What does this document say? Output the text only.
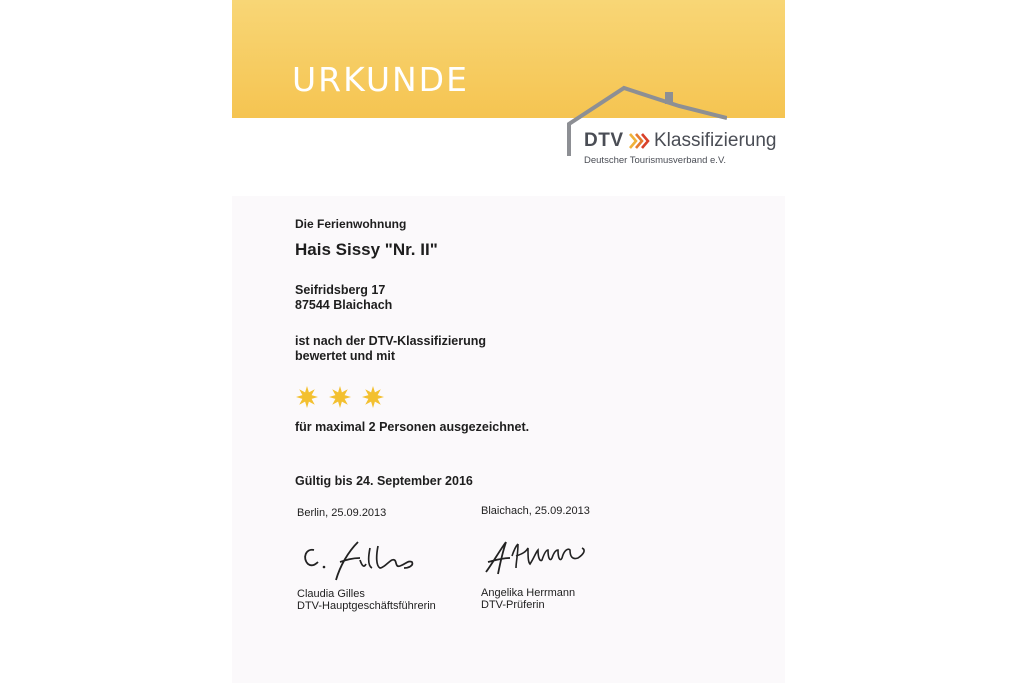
URKUNDE
DTV Klassifizierung
Deutscher Tourismusverband e.V.
Die Ferienwohnung
Hais Sissy "Nr. II"
Seifridsberg 17
87544 Blaichach
ist nach der DTV-Klassifizierung
bewertet und mit
für maximal 2 Personen ausgezeichnet.
Gültig bis 24. September 2016
Berlin, 25.09.2013	Blaichach, 25.09.2013
Claudia Gilles
DTV-Hauptgeschäftsführerin
Angelika Herrmann
DTV-Prüferin
